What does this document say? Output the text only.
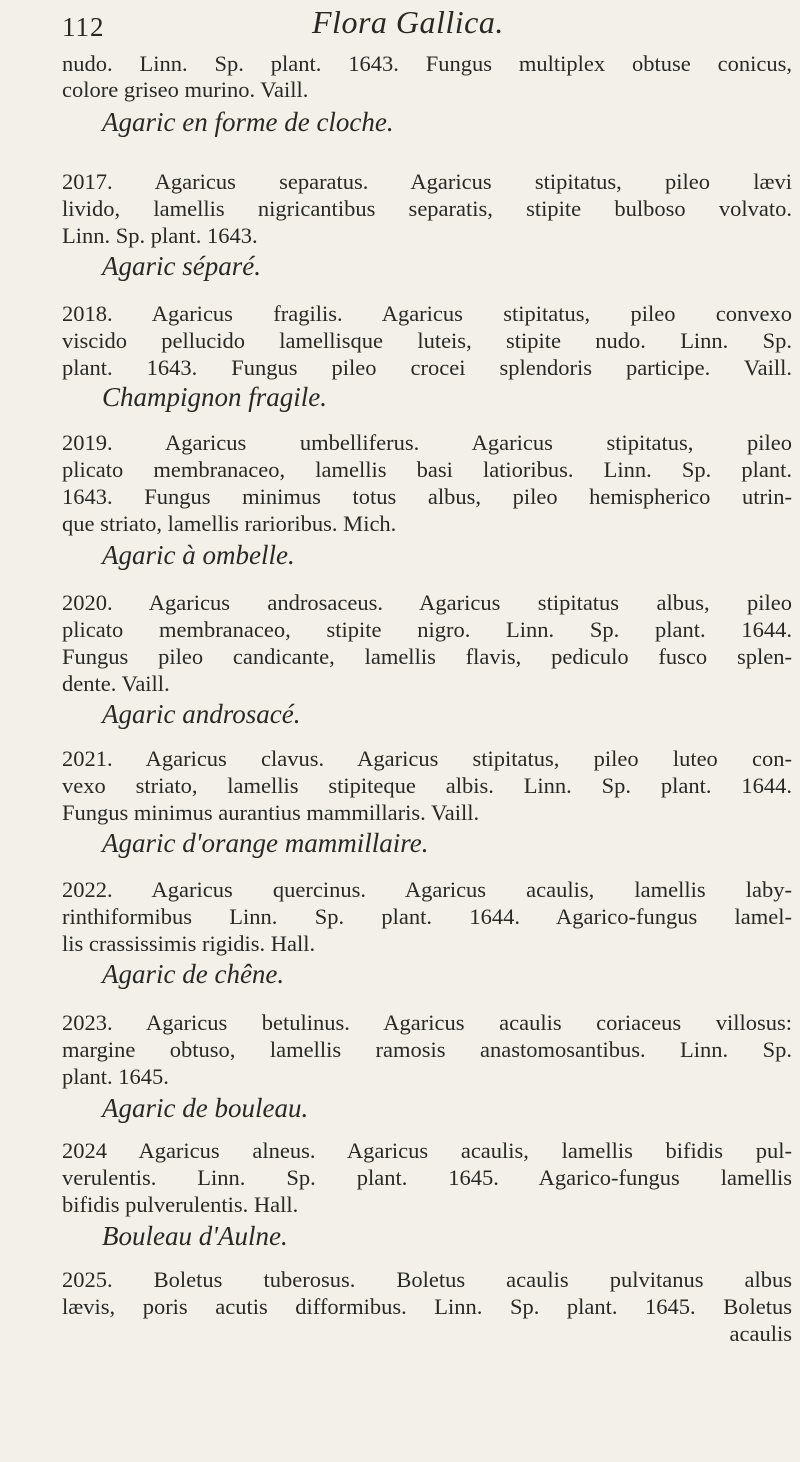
112	Flora Gallica.
nudo. Linn. Sp. plant. 1643. Fungus multiplex obtuse conicus,
colore griseo murino. Vaill.
Agaric en forme de cloche.
2017. Agaricus separatus. Agaricus stipitatus, pileo lævi
livido, lamellis nigricantibus separatis, stipite bulboso volvato.
Linn. Sp. plant. 1643.
Agaric séparé.
2018. Agaricus fragilis. Agaricus stipitatus, pileo convexo
viscido pellucido lamellisque luteis, stipite nudo. Linn. Sp.
plant. 1643. Fungus pileo crocei splendoris participe. Vaill.
Champignon fragile.
2019. Agaricus umbelliferus. Agaricus stipitatus, pileo
plicato membranaceo, lamellis basi latioribus. Linn. Sp. plant.
1643. Fungus minimus totus albus, pileo hemispherico utrin-
que striato, lamellis rarioribus. Mich.
Agaric à ombelle.
2020. Agaricus androsaceus. Agaricus stipitatus albus, pileo
plicato membranaceo, stipite nigro. Linn. Sp. plant. 1644.
Fungus pileo candicante, lamellis flavis, pediculo fusco splen-
dente. Vaill.
Agaric androsacé.
2021. Agaricus clavus. Agaricus stipitatus, pileo luteo con-
vexo striato, lamellis stipiteque albis. Linn. Sp. plant. 1644.
Fungus minimus aurantius mammillaris. Vaill.
Agaric d'orange mammillaire.
2022. Agaricus quercinus. Agaricus acaulis, lamellis laby-
rinthiformibus Linn. Sp. plant. 1644. Agarico-fungus lamel-
lis crassissimis rigidis. Hall.
Agaric de chêne.
2023. Agaricus betulinus. Agaricus acaulis coriaceus villosus:
margine obtuso, lamellis ramosis anastomosantibus. Linn. Sp.
plant. 1645.
Agaric de bouleau.
2024 Agaricus alneus. Agaricus acaulis, lamellis bifidis pul-
verulentis. Linn. Sp. plant. 1645. Agarico-fungus lamellis
bifidis pulverulentis. Hall.
Bouleau d'Aulne.
2025. Boletus tuberosus. Boletus acaulis pulvitanus albus
lævis, poris acutis difformibus. Linn. Sp. plant. 1645. Boletus
acaulis
